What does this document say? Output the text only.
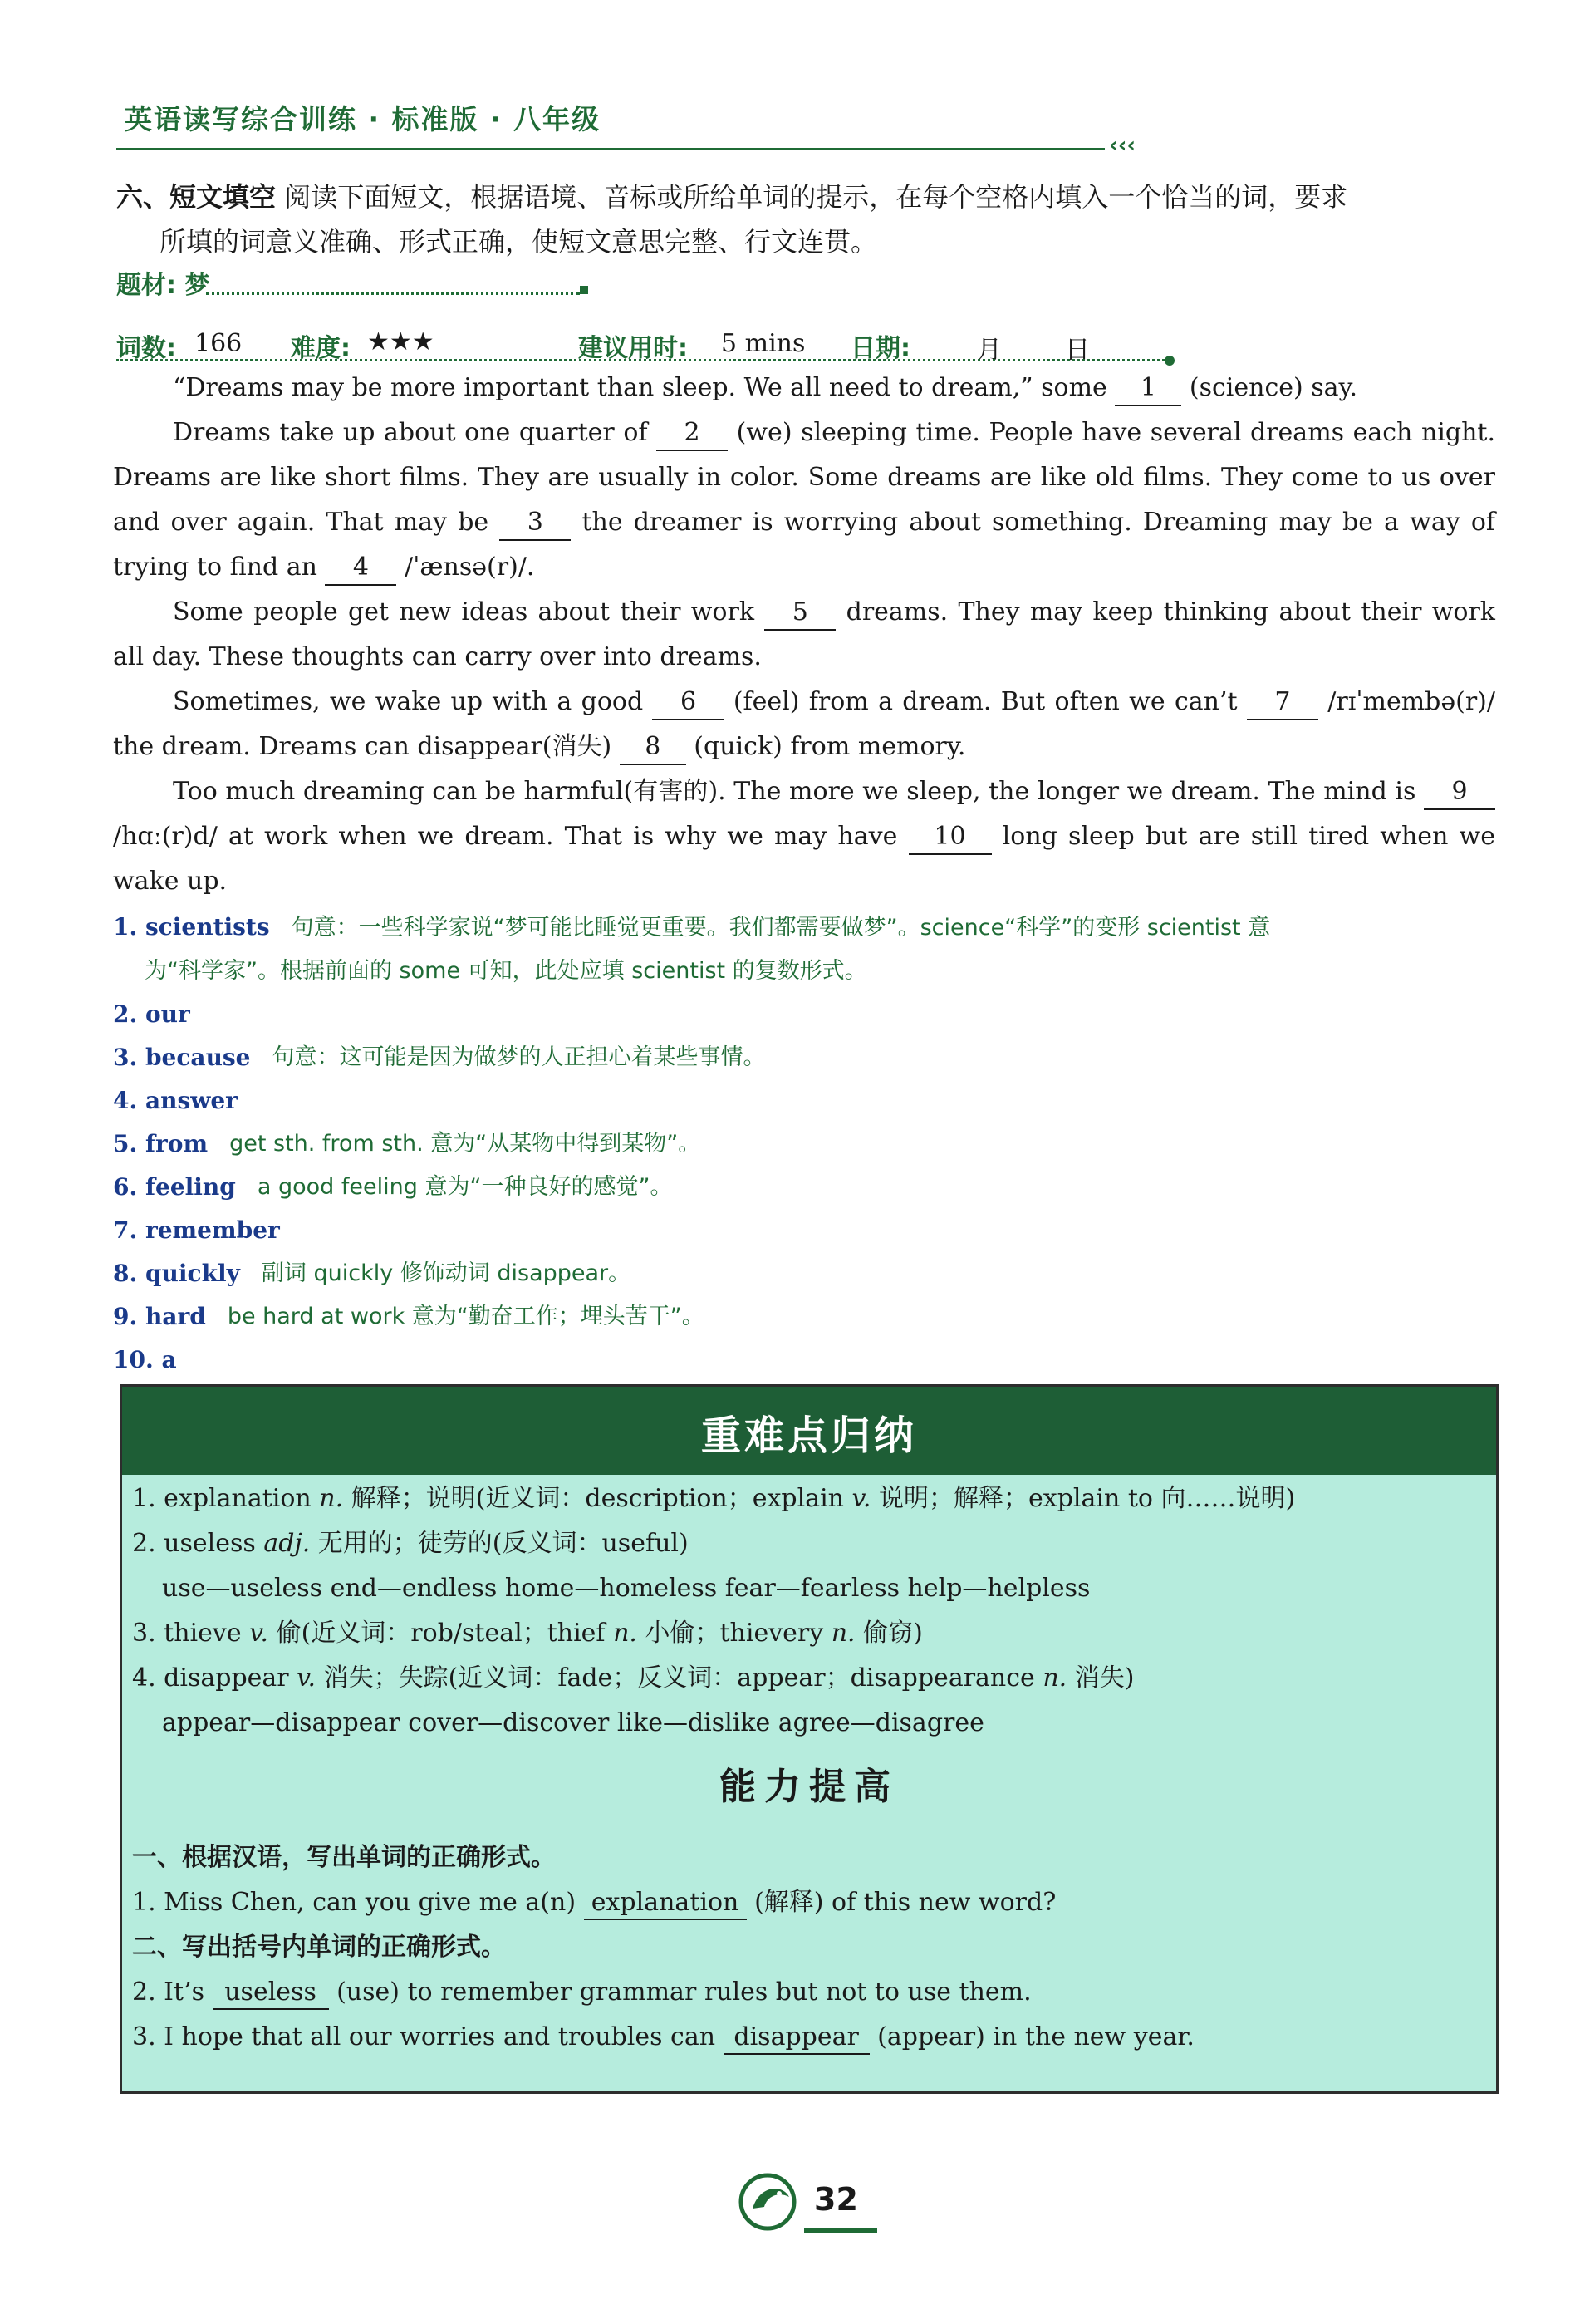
英语读写综合训练 · 标准版 · 八年级
‹‹‹
六、短文填空 阅读下面短文，根据语境、音标或所给单词的提示，在每个空格内填入一个恰当的词，要求
所填的词意义准确、形式正确，使短文意思完整、行文连贯。
题材: 梦
词数: 166 难度: ★★★	建议用时: 5 mins 日期:	月	日

“Dreams may be more important than sleep. We all need to dream,” some 1 (science) say.

Dreams take up about one quarter of 2 (we) sleeping time. People have several dreams each night. Dreams are like short films. They are usually in color. Some dreams are like old films. They come to us over and over again. That may be 3 the dreamer is worrying about something. Dreaming may be a way of trying to find an 4 /ˈænsə(r)/.

Some people get new ideas about their work 5 dreams. They may keep thinking about their work all day. These thoughts can carry over into dreams.

Sometimes, we wake up with a good 6 (feel) from a dream. But often we can’t 7 /rɪˈmembə(r)/ the dream. Dreams can disappear(消失) 8 (quick) from memory.

Too much dreaming can be harmful(有害的). The more we sleep, the longer we dream. The mind is 9 /hɑː(r)d/ at work when we dream. That is why we may have 10 long sleep but are still tired when we wake up.

1. scientists 句意：一些科学家说“梦可能比睡觉更重要。我们都需要做梦”。science“科学”的变形 scientist 意
为“科学家”。根据前面的 some 可知，此处应填 scientist 的复数形式。
2. our
3. because 句意：这可能是因为做梦的人正担心着某些事情。
4. answer
5. from get sth. from sth. 意为“从某物中得到某物”。
6. feeling a good feeling 意为“一种良好的感觉”。
7. remember
8. quickly 副词 quickly 修饰动词 disappear。
9. hard be hard at work 意为“勤奋工作；埋头苦干”。
10. a
重难点归纳
1. explanation n. 解释；说明(近义词：description；explain v. 说明；解释；explain to 向……说明)
2. useless adj. 无用的；徒劳的(反义词：useful)
use—useless end—endless home—homeless fear—fearless help—helpless
3. thieve v. 偷(近义词：rob/steal；thief n. 小偷；thievery n. 偷窃)
4. disappear v. 消失；失踪(近义词：fade；反义词：appear；disappearance n. 消失)
appear—disappear cover—discover like—dislike agree—disagree
能力提高
一、根据汉语，写出单词的正确形式。
1. Miss Chen, can you give me a(n) explanation (解释) of this new word?
二、写出括号内单词的正确形式。
2. It’s useless (use) to remember grammar rules but not to use them.
3. I hope that all our worries and troubles can disappear (appear) in the new year.
32
